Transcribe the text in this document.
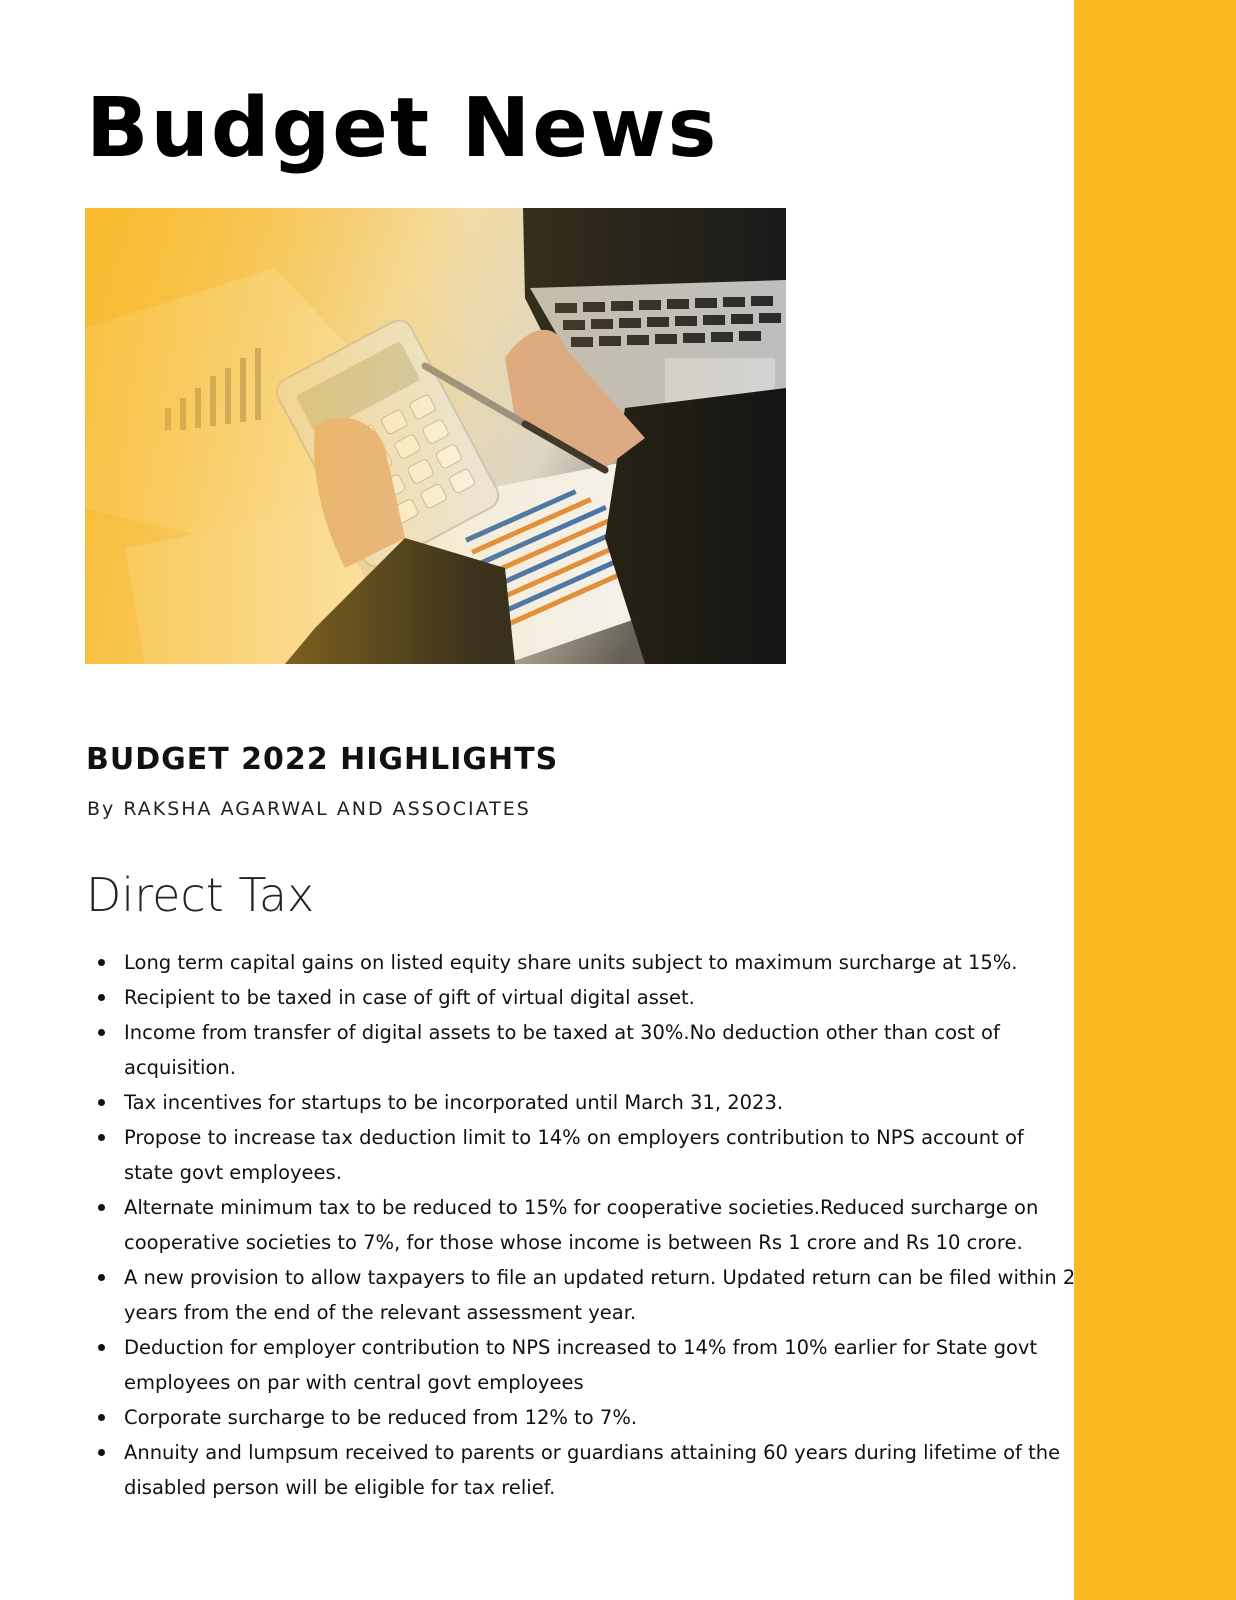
Budget News
BUDGET 2022 HIGHLIGHTS

By RAKSHA AGARWAL AND ASSOCIATES

Direct Tax
Long term capital gains on listed equity share units subject to maximum surcharge at 15%.
Recipient to be taxed in case of gift of virtual digital asset.
Income from transfer of digital assets to be taxed at 30%.No deduction other than cost of acquisition.
Tax incentives for startups to be incorporated until March 31, 2023.
Propose to increase tax deduction limit to 14% on employers contribution to NPS account of state govt employees.
Alternate minimum tax to be reduced to 15% for cooperative societies.Reduced surcharge on cooperative societies to 7%, for those whose income is between Rs 1 crore and Rs 10 crore.
A new provision to allow taxpayers to file an updated return. Updated return can be filed within 2 years from the end of the relevant assessment year.
Deduction for employer contribution to NPS increased to 14% from 10% earlier for State govt employees on par with central govt employees
Corporate surcharge to be reduced from 12% to 7%.
Annuity and lumpsum received to parents or guardians attaining 60 years during lifetime of the disabled person will be eligible for tax relief.
